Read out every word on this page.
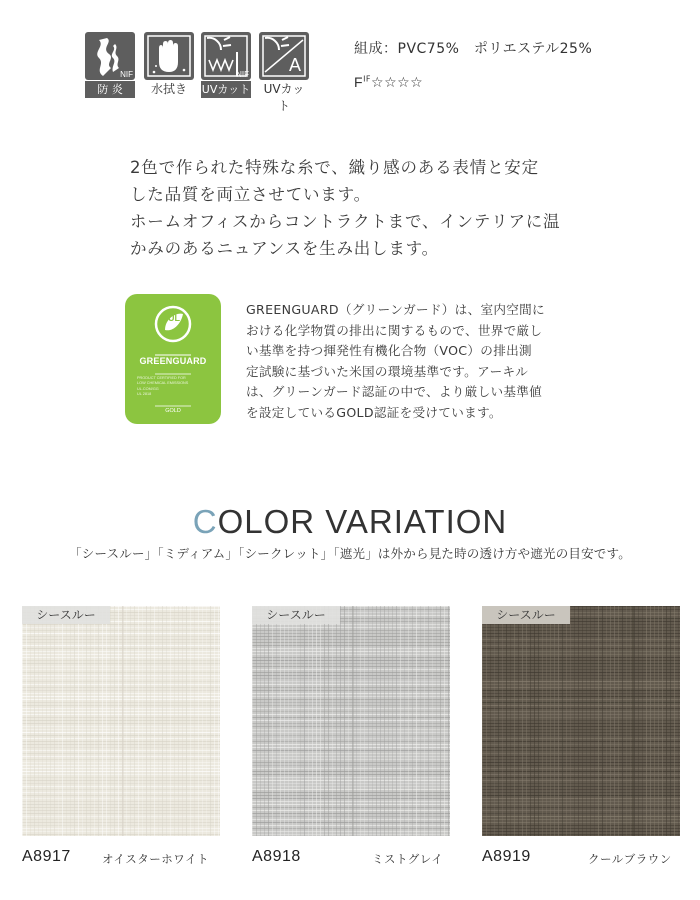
NIF
防 炎	水拭き
NIF
UVカット
A
UVカット
組成：PVC75%　ポリエステル25%
$F^{IF}☆☆☆☆$
2色で作られた特殊な糸で、織り感のある表情と安定
した品質を両立させています。
ホームオフィスからコントラクトまで、インテリアに温
かみのあるニュアンスを生み出します。
UL
GREENGUARD
PRODUCT CERTIFIED FOR
LOW CHEMICAL EMISSIONS
UL.COM/GG
UL 2818
GOLD
GREENGUARD（グリーンガード）は、室内空間に
おける化学物質の排出に関するもので、世界で厳し
い基準を持つ揮発性有機化合物（VOC）の排出測
定試験に基づいた米国の環境基準です。アーキル
は、グリーンガード認証の中で、より厳しい基準値
を設定しているGOLD認証を受けています。
COLOR VARIATION
「シースルー」「ミディアム」「シークレット」「遮光」は外から見た時の透け方や遮光の目安です。
シースルー	シースルー	シースルー
A8917	オイスターホワイト	A8918	ミストグレイ A8919	クールブラウン
